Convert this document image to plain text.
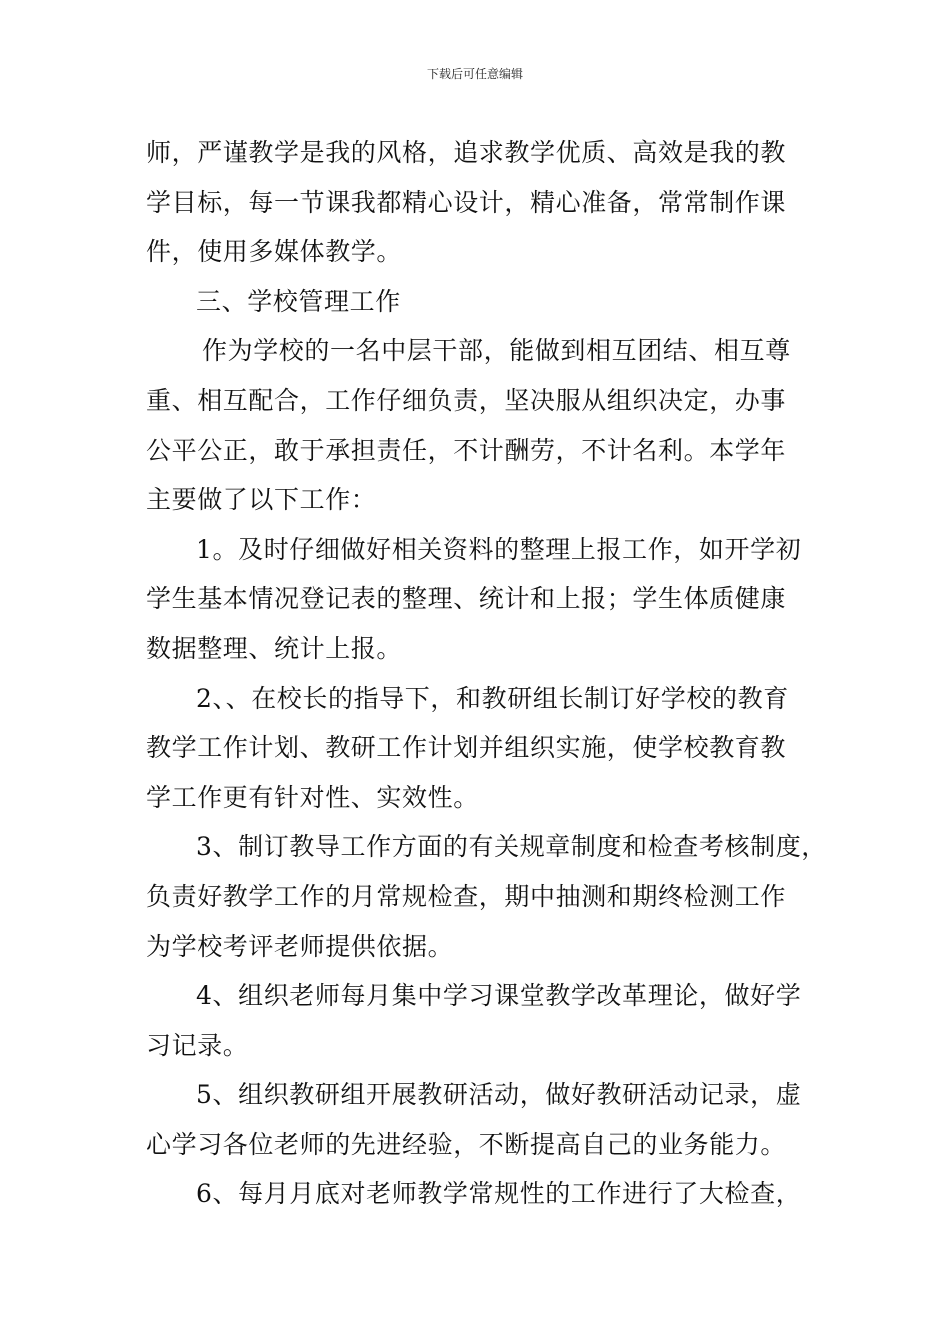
下载后可任意编辑
师，严谨教学是我的风格，追求教学优质、高效是我的教
学目标，每一节课我都精心设计，精心准备，常常制作课
件，使用多媒体教学。
三、学校管理工作
作为学校的一名中层干部，能做到相互团结、相互尊
重、相互配合，工作仔细负责，坚决服从组织决定，办事
公平公正，敢于承担责任，不计酬劳，不计名利。本学年
主要做了以下工作：
1。及时仔细做好相关资料的整理上报工作，如开学初
学生基本情况登记表的整理、统计和上报；学生体质健康
数据整理、统计上报。
2、、在校长的指导下，和教研组长制订好学校的教育
教学工作计划、教研工作计划并组织实施，使学校教育教
学工作更有针对性、实效性。
3、制订教导工作方面的有关规章制度和检查考核制度，
负责好教学工作的月常规检查，期中抽测和期终检测工作
为学校考评老师提供依据。
4、组织老师每月集中学习课堂教学改革理论，做好学
习记录。
5、组织教研组开展教研活动，做好教研活动记录，虚
心学习各位老师的先进经验，不断提高自己的业务能力。
6、每月月底对老师教学常规性的工作进行了大检查，
